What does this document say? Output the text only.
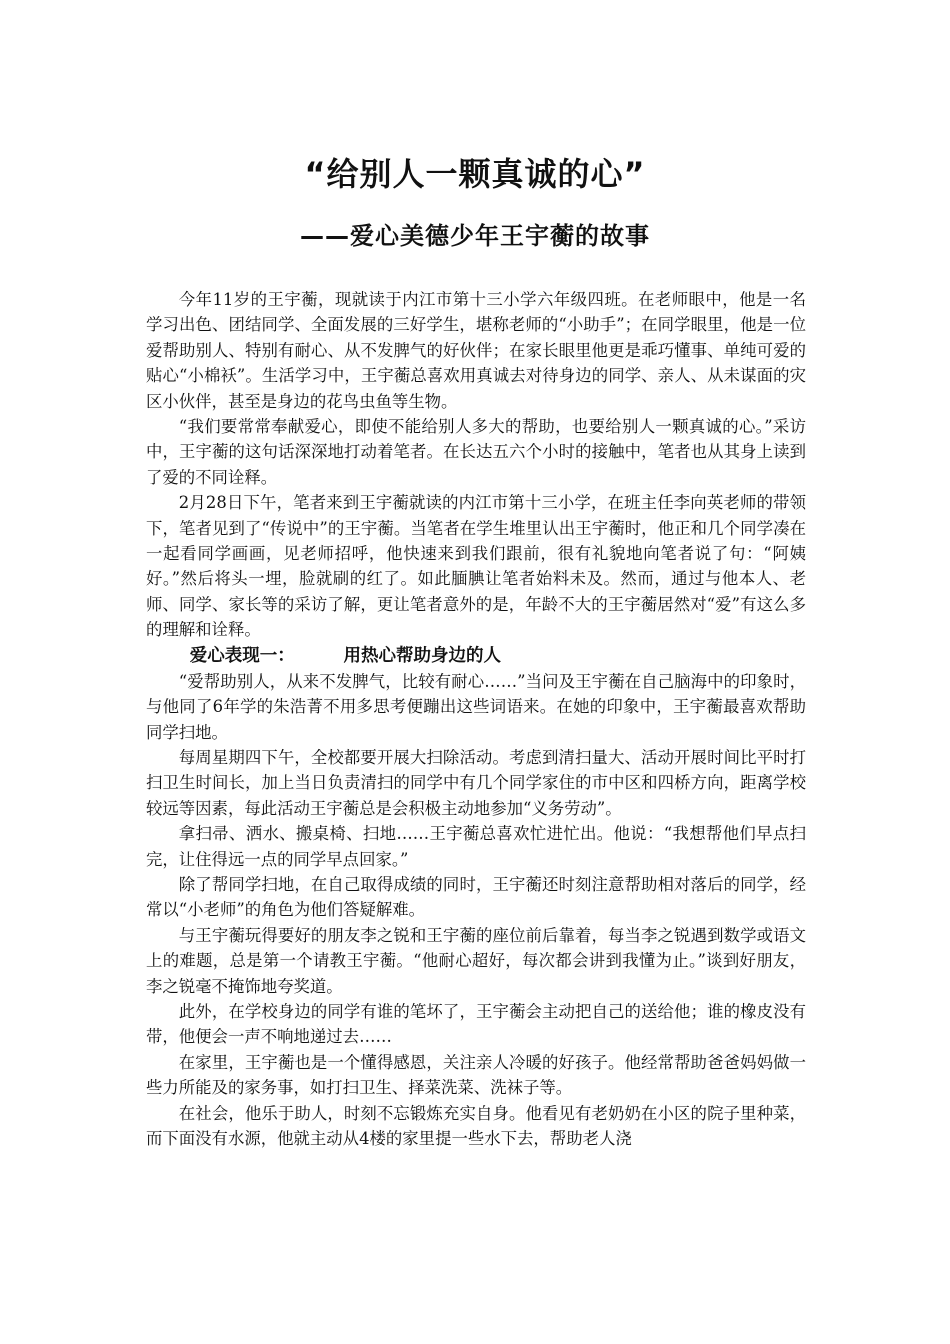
“给别人一颗真诚的心”
——爱心美德少年王宇蘅的故事

今年11岁的王宇蘅，现就读于内江市第十三小学六年级四班。在老师眼中，他是一名学习出色、团结同学、全面发展的三好学生，堪称老师的“小助手”；在同学眼里，他是一位爱帮助别人、特别有耐心、从不发脾气的好伙伴；在家长眼里他更是乖巧懂事、单纯可爱的贴心“小棉袄”。生活学习中，王宇蘅总喜欢用真诚去对待身边的同学、亲人、从未谋面的灾区小伙伴，甚至是身边的花鸟虫鱼等生物。

“我们要常常奉献爱心，即使不能给别人多大的帮助，也要给别人一颗真诚的心。”采访中，王宇蘅的这句话深深地打动着笔者。在长达五六个小时的接触中，笔者也从其身上读到了爱的不同诠释。

2月28日下午，笔者来到王宇蘅就读的内江市第十三小学，在班主任李向英老师的带领下，笔者见到了“传说中”的王宇蘅。当笔者在学生堆里认出王宇蘅时，他正和几个同学凑在一起看同学画画，见老师招呼，他快速来到我们跟前，很有礼貌地向笔者说了句：“阿姨好。”然后将头一埋，脸就刷的红了。如此腼腆让笔者始料未及。然而，通过与他本人、老师、同学、家长等的采访了解，更让笔者意外的是，年龄不大的王宇蘅居然对“爱”有这么多的理解和诠释。

爱心表现一：	用热心帮助身边的人

“爱帮助别人，从来不发脾气，比较有耐心……”当问及王宇蘅在自己脑海中的印象时，与他同了6年学的朱浩菁不用多思考便蹦出这些词语来。在她的印象中，王宇蘅最喜欢帮助同学扫地。

每周星期四下午，全校都要开展大扫除活动。考虑到清扫量大、活动开展时间比平时打扫卫生时间长，加上当日负责清扫的同学中有几个同学家住的市中区和四桥方向，距离学校较远等因素，每此活动王宇蘅总是会积极主动地参加“义务劳动”。

拿扫帚、洒水、搬桌椅、扫地……王宇蘅总喜欢忙进忙出。他说：“我想帮他们早点扫完，让住得远一点的同学早点回家。”

除了帮同学扫地，在自己取得成绩的同时，王宇蘅还时刻注意帮助相对落后的同学，经常以“小老师”的角色为他们答疑解难。

与王宇蘅玩得要好的朋友李之锐和王宇蘅的座位前后靠着，每当李之锐遇到数学或语文上的难题，总是第一个请教王宇蘅。“他耐心超好，每次都会讲到我懂为止。”谈到好朋友，李之锐毫不掩饰地夸奖道。

此外，在学校身边的同学有谁的笔坏了，王宇蘅会主动把自己的送给他；谁的橡皮没有带，他便会一声不响地递过去……

在家里，王宇蘅也是一个懂得感恩，关注亲人冷暖的好孩子。他经常帮助爸爸妈妈做一些力所能及的家务事，如打扫卫生、择菜洗菜、洗袜子等。

在社会，他乐于助人，时刻不忘锻炼充实自身。他看见有老奶奶在小区的院子里种菜，而下面没有水源，他就主动从4楼的家里提一些水下去，帮助老人浇
